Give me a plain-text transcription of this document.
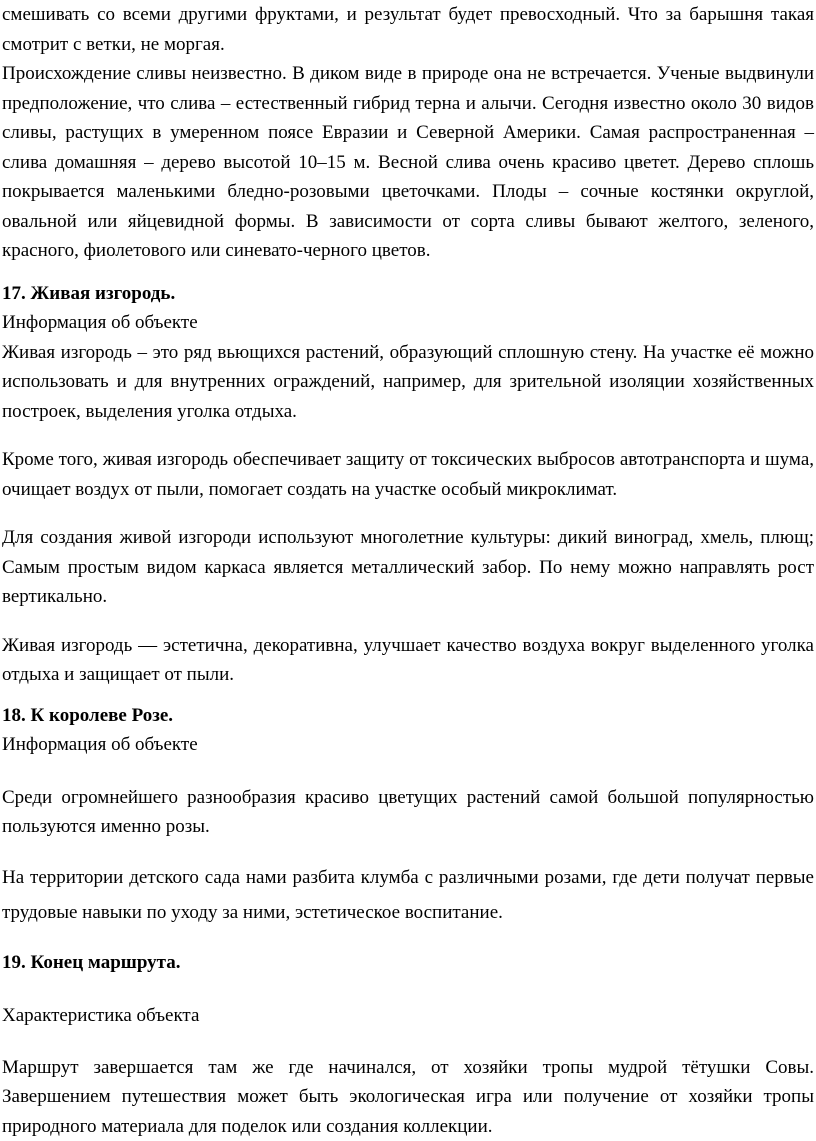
смешивать со всеми другими фруктами, и результат будет превосходный. Что за барышня такая смотрит с ветки, не моргая.

Происхождение сливы неизвестно. В диком виде в природе она не встречается. Ученые выдвинули предположение, что слива – естественный гибрид терна и алычи. Сегодня известно около 30 видов сливы, растущих в умеренном поясе Евразии и Северной Америки. Самая распространенная – слива домашняя – дерево высотой 10–15 м. Весной слива очень красиво цветет. Дерево сплошь покрывается маленькими бледно-розовыми цветочками. Плоды – сочные костянки округлой, овальной или яйцевидной формы. В зависимости от сорта сливы бывают желтого, зеленого, красного, фиолетового или синевато-черного цветов.

17. Живая изгородь.

Информация об объекте

Живая изгородь – это ряд вьющихся растений, образующий сплошную стену. На участке её можно использовать и для внутренних ограждений, например, для зрительной изоляции хозяйственных построек, выделения уголка отдыха.

Кроме того, живая изгородь обеспечивает защиту от токсических выбросов автотранспорта и шума, очищает воздух от пыли, помогает создать на участке особый микроклимат.

Для создания живой изгороди используют многолетние культуры: дикий виноград, хмель, плющ; Самым простым видом каркаса является металлический забор. По нему можно направлять рост вертикально.

Живая изгородь — эстетична, декоративна, улучшает качество воздуха вокруг выделенного уголка отдыха и защищает от пыли.

18. К королеве Розе.

Информация об объекте

Среди огромнейшего разнообразия красиво цветущих растений самой большой популярностью пользуются именно розы.

На территории детского сада нами разбита клумба с различными розами, где дети получат первые трудовые навыки по уходу за ними, эстетическое воспитание.

19. Конец маршрута.

Характеристика объекта

Маршрут завершается там же где начинался, от хозяйки тропы мудрой тётушки Совы. Завершением путешествия может быть экологическая игра или получение от хозяйки тропы природного материала для поделок или создания коллекции.
